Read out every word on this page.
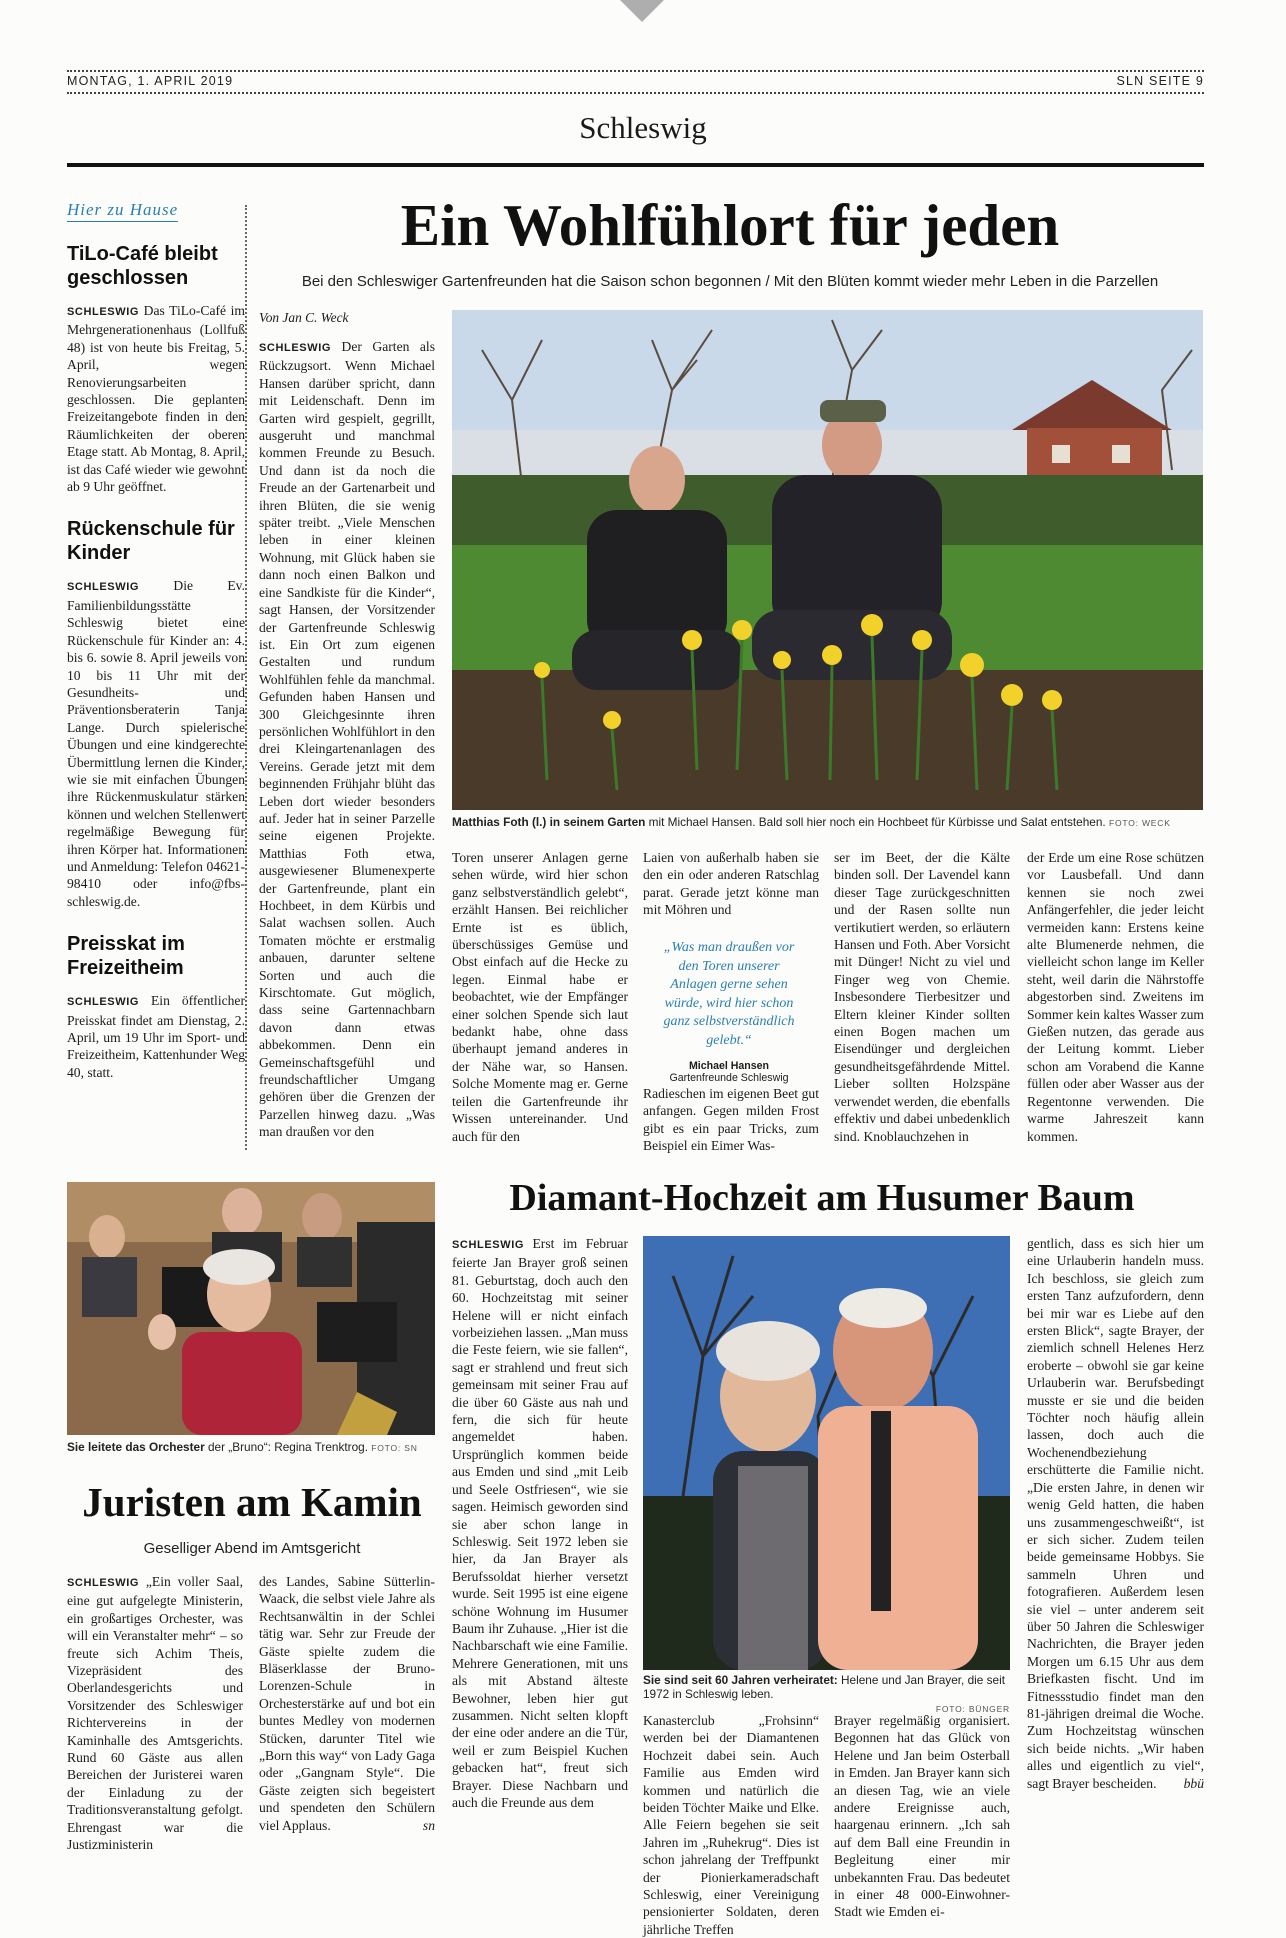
MONTAG, 1. APRIL 2019	SLN SEITE 9
Schleswig
Hier zu Hause
TiLo-Café bleibt geschlossen

SCHLESWIG Das TiLo-Café im Mehrgenerationenhaus (Lollfuß 48) ist von heute bis Freitag, 5. April, wegen Renovierungsarbeiten geschlossen. Die geplanten Freizeitangebote finden in den Räumlichkeiten der oberen Etage statt. Ab Montag, 8. April, ist das Café wieder wie gewohnt ab 9 Uhr geöffnet.

Rückenschule für Kinder

SCHLESWIG	Die Ev. Familienbildungsstätte Schleswig bietet eine Rückenschule für Kinder an: 4. bis 6. sowie 8. April jeweils von 10 bis 11 Uhr mit der Gesundheits- und Präventionsberaterin Tanja Lange. Durch spielerische Übungen und eine kindgerechte Übermittlung lernen die Kinder, wie sie mit einfachen Übungen ihre Rückenmuskulatur stärken können und welchen Stellenwert regelmäßige Bewegung für ihren Körper hat. Informationen und Anmeldung: Telefon 04621-98410 oder info@fbs-schleswig.de.

Preisskat im Freizeitheim

SCHLESWIG Ein öffentlicher Preisskat findet am Dienstag, 2. April, um 19 Uhr im Sport- und Freizeitheim, Kattenhunder Weg 40, statt.

Ein Wohlfühlort für jeden
Bei den Schleswiger Gartenfreunden hat die Saison schon begonnen / Mit den Blüten kommt wieder mehr Leben in die Parzellen
Von Jan C. Weck

SCHLESWIG Der Garten als Rückzugsort. Wenn Michael Hansen darüber spricht, dann mit Leidenschaft. Denn im Garten wird gespielt, gegrillt, ausgeruht und manchmal kommen Freunde zu Besuch. Und dann ist da noch die Freude an der Gartenarbeit und ihren Blüten, die sie wenig später treibt. „Viele Menschen leben in einer kleinen Wohnung, mit Glück haben sie dann noch einen Balkon und eine Sandkiste für die Kinder“, sagt Hansen, der Vorsitzender der Gartenfreunde Schleswig ist. Ein Ort zum eigenen Gestalten und rundum Wohlfühlen fehle da manchmal. Gefunden haben Hansen und 300 Gleichgesinnte ihren persönlichen Wohlfühlort in den drei Kleingartenanlagen des Vereins. Gerade jetzt mit dem beginnenden Frühjahr blüht das Leben dort wieder besonders auf. Jeder hat in seiner Parzelle seine eigenen Projekte. Matthias Foth etwa, ausgewiesener Blumenexperte der Gartenfreunde, plant ein Hochbeet, in dem Kürbis und Salat wachsen sollen. Auch Tomaten möchte er erstmalig anbauen, darunter seltene Sorten und auch die Kirschtomate. Gut möglich, dass seine Gartennachbarn davon dann etwas abbekommen. Denn ein Gemeinschaftsgefühl und freundschaftlicher Umgang gehören über die Grenzen der Parzellen hinweg dazu. „Was man draußen vor den

Matthias Foth (l.) in seinem Garten mit Michael Hansen. Bald soll hier noch ein Hochbeet für Kürbisse und Salat entstehen. FOTO: WECK

Toren unserer Anlagen gerne sehen würde, wird hier schon ganz selbstverständlich gelebt“, erzählt Hansen. Bei reichlicher Ernte ist es üblich, überschüssiges Gemüse und Obst einfach auf die Hecke zu legen. Einmal habe er beobachtet, wie der Empfänger einer solchen Spende sich laut bedankt habe, ohne dass überhaupt jemand anderes in der Nähe war, so Hansen. Solche Momente mag er. Gerne teilen die Gartenfreunde ihr Wissen untereinander. Und auch für den

Laien von außerhalb haben sie den ein oder anderen Ratschlag parat. Gerade jetzt könne man mit Möhren und

„Was man draußen vor den Toren unserer Anlagen gerne sehen würde, wird hier schon ganz selbstverständlich gelebt.“
Michael Hansen
Gartenfreunde Schleswig

Radieschen im eigenen Beet gut anfangen. Gegen milden Frost gibt es ein paar Tricks, zum Beispiel ein Eimer Was-

ser im Beet, der die Kälte binden soll. Der Lavendel kann dieser Tage zurückgeschnitten und der Rasen sollte nun vertikutiert werden, so erläutern Hansen und Foth. Aber Vorsicht mit Dünger! Nicht zu viel und Finger weg von Chemie. Insbesondere Tierbesitzer und Eltern kleiner Kinder sollten einen Bogen machen um Eisendünger und dergleichen gesundheitsgefährdende Mittel. Lieber sollten Holzspäne verwendet werden, die ebenfalls effektiv und dabei unbedenklich sind. Knoblauchzehen in

der Erde um eine Rose schützen vor Lausbefall. Und dann kennen sie noch zwei Anfängerfehler, die jeder leicht vermeiden kann: Erstens keine alte Blumenerde nehmen, die vielleicht schon lange im Keller steht, weil darin die Nährstoffe abgestorben sind. Zweitens im Sommer kein kaltes Wasser zum Gießen nutzen, das gerade aus der Leitung kommt. Lieber schon am Vorabend die Kanne füllen oder aber Wasser aus der Regentonne verwenden. Die warme Jahreszeit kann kommen.

Sie leitete das Orchester der „Bruno“: Regina Trenktrog. FOTO: SN
Juristen am Kamin
Geselliger Abend im Amtsgericht

SCHLESWIG „Ein voller Saal, eine gut aufgelegte Ministerin, ein großartiges Orchester, was will ein Veranstalter mehr“ – so freute sich Achim Theis, Vizepräsident des Oberlandesgerichts und Vorsitzender des Schleswiger Richtervereins in der Kaminhalle des Amtsgerichts. Rund 60 Gäste aus allen Bereichen der Juristerei waren der Einladung zu der Traditionsveranstaltung gefolgt. Ehrengast war die Justizministerin

des Landes, Sabine Sütterlin-Waack, die selbst viele Jahre als Rechtsanwältin in der Schlei tätig war. Sehr zur Freude der Gäste spielte zudem die Bläserklasse der Bruno-Lorenzen-Schule in Orchesterstärke auf und bot ein buntes Medley von modernen Stücken, darunter Titel wie „Born this way“ von Lady Gaga oder „Gangnam Style“. Die Gäste zeigten sich begeistert und spendeten den Schülern viel Applaus.	sn

Diamant-Hochzeit am Husumer Baum

SCHLESWIG Erst im Februar feierte Jan Brayer groß seinen 81. Geburtstag, doch auch den 60. Hochzeitstag mit seiner Helene will er nicht einfach vorbeiziehen lassen. „Man muss die Feste feiern, wie sie fallen“, sagt er strahlend und freut sich gemeinsam mit seiner Frau auf die über 60 Gäste aus nah und fern, die sich für heute angemeldet haben. Ursprünglich kommen beide aus Emden und sind „mit Leib und Seele Ostfriesen“, wie sie sagen. Heimisch geworden sind sie aber schon lange in Schleswig. Seit 1972 leben sie hier, da Jan Brayer als Berufssoldat hierher versetzt wurde. Seit 1995 ist eine eigene schöne Wohnung im Husumer Baum ihr Zuhause. „Hier ist die Nachbarschaft wie eine Familie. Mehrere Generationen, mit uns als mit Abstand älteste Bewohner, leben hier gut zusammen. Nicht selten klopft der eine oder andere an die Tür, weil er zum Beispiel Kuchen gebacken hat“, freut sich Brayer. Diese Nachbarn und auch die Freunde aus dem

Sie sind seit 60 Jahren verheiratet: Helene und Jan Brayer, die seit 1972 in Schleswig leben.
FOTO: BÜNGER

Kanasterclub „Frohsinn“ werden bei der Diamantenen Hochzeit dabei sein. Auch Familie aus Emden wird kommen und natürlich die beiden Töchter Maike und Elke. Alle Feiern begehen sie seit Jahren im „Ruhekrug“. Dies ist schon jahrelang der Treffpunkt der Pionierkameradschaft Schleswig, einer Vereinigung pensionierter Soldaten, deren jährliche Treffen

Brayer regelmäßig organisiert. Begonnen hat das Glück von Helene und Jan beim Osterball in Emden. Jan Brayer kann sich an diesen Tag, wie an viele andere Ereignisse auch, haargenau erinnern. „Ich sah auf dem Ball eine Freundin in Begleitung einer mir unbekannten Frau. Das bedeutet in einer 48 000-Einwohner-Stadt wie Emden ei-

gentlich, dass es sich hier um eine Urlauberin handeln muss. Ich beschloss, sie gleich zum ersten Tanz aufzufordern, denn bei mir war es Liebe auf den ersten Blick“, sagte Brayer, der ziemlich schnell Helenes Herz eroberte – obwohl sie gar keine Urlauberin war. Berufsbedingt musste er sie und die beiden Töchter noch häufig allein lassen, doch auch die Wochenendbeziehung erschütterte die Familie nicht. „Die ersten Jahre, in denen wir wenig Geld hatten, die haben uns zusammengeschweißt“, ist er sich sicher. Zudem teilen beide gemeinsame Hobbys. Sie sammeln Uhren und fotografieren. Außerdem lesen sie viel – unter anderem seit über 50 Jahren die Schleswiger Nachrichten, die Brayer jeden Morgen um 6.15 Uhr aus dem Briefkasten fischt. Und im Fitnessstudio findet man den 81-jährigen dreimal die Woche. Zum Hochzeitstag wünschen sich beide nichts. „Wir haben alles und eigentlich zu viel“, sagt Brayer bescheiden. bbü
